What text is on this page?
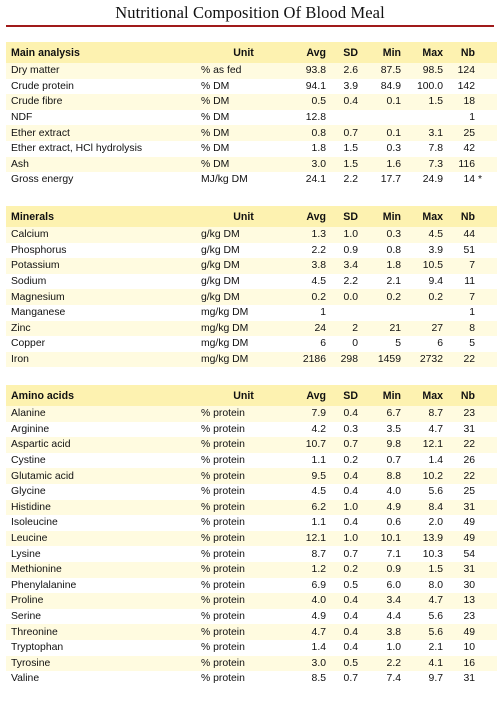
Nutritional Composition Of Blood Meal
Main analysis	Unit	Avg	SD	Min	Max	Nb	
Dry matter	% as fed	93.8	2.6	87.5	98.5	124	
Crude protein	% DM	94.1	3.9	84.9	100.0	142	
Crude fibre	% DM	0.5	0.4	0.1	1.5	18	
NDF	% DM	12.8				1	
Ether extract	% DM	0.8	0.7	0.1	3.1	25	
Ether extract, HCl hydrolysis	% DM	1.8	1.5	0.3	7.8	42	
Ash	% DM	3.0	1.5	1.6	7.3	116	
Gross energy	MJ/kg DM	24.1	2.2	17.7	24.9	14	*
Minerals	Unit	Avg	SD	Min	Max	Nb	
Calcium	g/kg DM	1.3	1.0	0.3	4.5	44	
Phosphorus	g/kg DM	2.2	0.9	0.8	3.9	51	
Potassium	g/kg DM	3.8	3.4	1.8	10.5	7	
Sodium	g/kg DM	4.5	2.2	2.1	9.4	11	
Magnesium	g/kg DM	0.2	0.0	0.2	0.2	7	
Manganese	mg/kg DM	1				1	
Zinc	mg/kg DM	24	2	21	27	8	
Copper	mg/kg DM	6	0	5	6	5	
Iron	mg/kg DM	2186	298	1459	2732	22	
Amino acids	Unit	Avg	SD	Min	Max	Nb	
Alanine	% protein	7.9	0.4	6.7	8.7	23	
Arginine	% protein	4.2	0.3	3.5	4.7	31	
Aspartic acid	% protein	10.7	0.7	9.8	12.1	22	
Cystine	% protein	1.1	0.2	0.7	1.4	26	
Glutamic acid	% protein	9.5	0.4	8.8	10.2	22	
Glycine	% protein	4.5	0.4	4.0	5.6	25	
Histidine	% protein	6.2	1.0	4.9	8.4	31	
Isoleucine	% protein	1.1	0.4	0.6	2.0	49	
Leucine	% protein	12.1	1.0	10.1	13.9	49	
Lysine	% protein	8.7	0.7	7.1	10.3	54	
Methionine	% protein	1.2	0.2	0.9	1.5	31	
Phenylalanine	% protein	6.9	0.5	6.0	8.0	30	
Proline	% protein	4.0	0.4	3.4	4.7	13	
Serine	% protein	4.9	0.4	4.4	5.6	23	
Threonine	% protein	4.7	0.4	3.8	5.6	49	
Tryptophan	% protein	1.4	0.4	1.0	2.1	10	
Tyrosine	% protein	3.0	0.5	2.2	4.1	16	
Valine	% protein	8.5	0.7	7.4	9.7	31	
